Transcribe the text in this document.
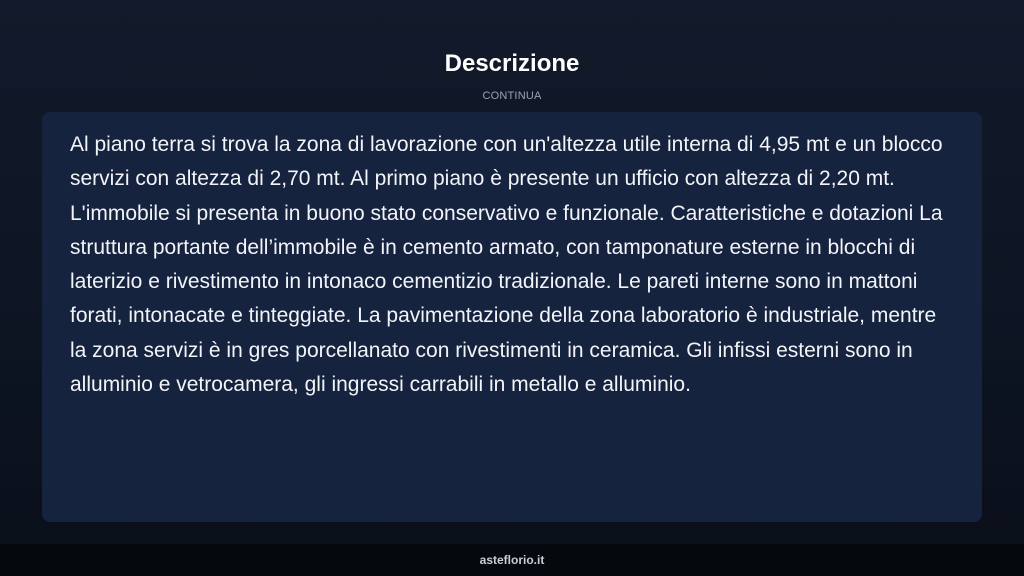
Descrizione
CONTINUA

Al piano terra si trova la zona di lavorazione con un'altezza utile interna di 4,95 mt e un blocco servizi con altezza di 2,70 mt. Al primo piano è presente un ufficio con altezza di 2,20 mt. L'immobile si presenta in buono stato conservativo e funzionale. Caratteristiche e dotazioni La struttura portante dell’immobile è in cemento armato, con tamponature esterne in blocchi di laterizio e rivestimento in intonaco cementizio tradizionale. Le pareti interne sono in mattoni forati, intonacate e tinteggiate. La pavimentazione della zona laboratorio è industriale, mentre la zona servizi è in gres porcellanato con rivestimenti in ceramica. Gli infissi esterni sono in alluminio e vetrocamera, gli ingressi carrabili in metallo e alluminio.

asteflorio.it
